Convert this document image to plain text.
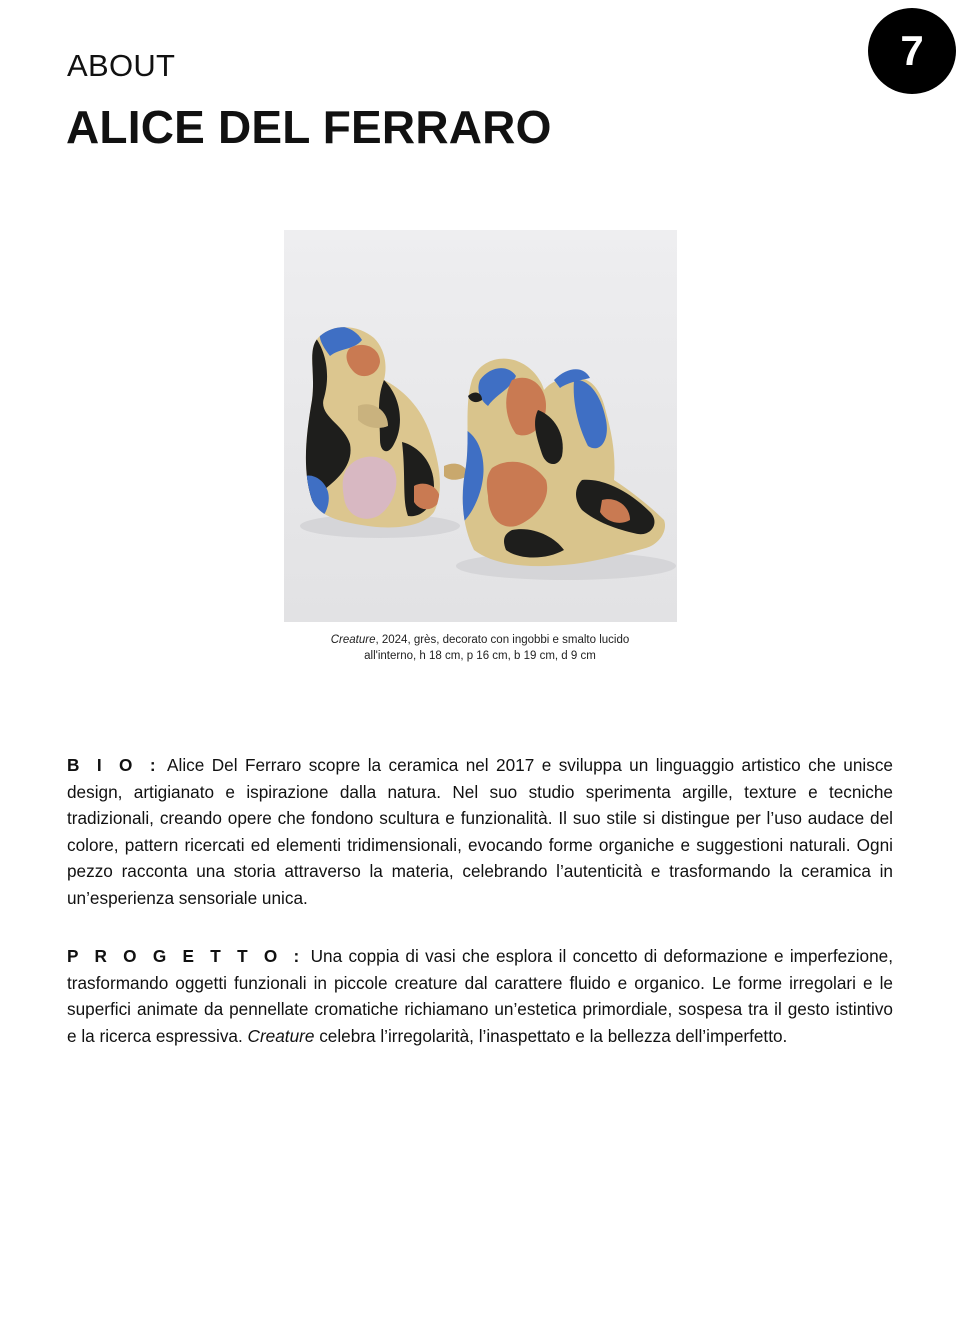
7
ABOUT
ALICE DEL FERRARO
Creature, 2024, grès, decorato con ingobbi e smalto lucido
all'interno, h 18 cm, p 16 cm, b 19 cm, d 9 cm

B I O : Alice Del Ferraro scopre la ceramica nel 2017 e sviluppa un linguaggio artistico che unisce design, artigianato e ispirazione dalla natura. Nel suo studio sperimenta argille, texture e tecniche tradizionali, creando opere che fondono scultura e funzionalità. Il suo stile si distingue per l’uso audace del colore, pattern ricercati ed elementi tridimensionali, evocando forme organiche e suggestioni naturali. Ogni pezzo racconta una storia attraverso la materia, celebrando l’autenticità e trasformando la ceramica in un’esperienza sensoriale unica.

P R O G E T T O : Una coppia di vasi che esplora il concetto di deformazione e imperfezione, trasformando oggetti funzionali in piccole creature dal carattere fluido e organico. Le forme irregolari e le superfici animate da pennellate cromatiche richiamano un’estetica primordiale, sospesa tra il gesto istintivo e la ricerca espressiva. Creature celebra l’irregolarità, l’inaspettato e la bellezza dell’imperfetto.
